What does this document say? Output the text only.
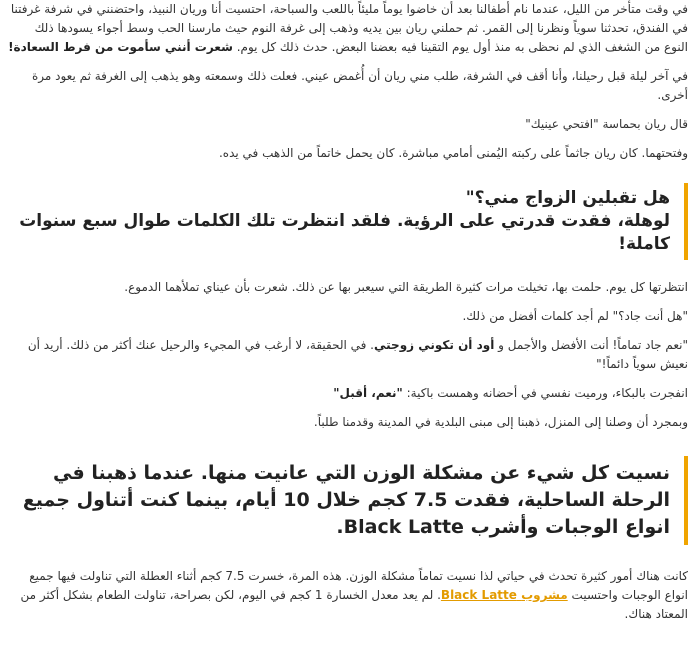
في وقت متأخر من الليل، عندما نام أطفالنا بعد أن خاضوا يوماً مليئاً باللعب والسباحة، احتسيت أنا وريان النبيذ، واحتضنني في شرفة غرفتنا في الفندق، تحدثنا سوياً ونظرنا إلى القمر. ثم حملني ريان بين يديه وذهب إلى غرفة النوم حيث مارسنا الحب وسط أجواء يسودها ذلك النوع من الشغف الذي لم نحظى به منذ أول يوم التقينا فيه بعضنا البعض. حدث ذلك كل يوم. شعرت أنني سأموت من فرط السعادة!

في آخر ليلة قبل رحيلنا، وأنا أقف في الشرفة، طلب مني ريان أن أُغمض عيني. فعلت ذلك وسمعته وهو يذهب إلى الغرفة ثم يعود مرة أخرى.

قال ريان بحماسة "افتحي عينيك"

وفتحتهما. كان ريان جاثماً على ركبته اليُمنى أمامي مباشرة. كان يحمل خاتماً من الذهب في يده.

هل تقبلين الزواج مني؟"
لوهلة، فقدت قدرتي على الرؤية. فلقد انتظرت تلك الكلمات طوال سبع سنوات كاملة!

انتظرتها كل يوم. حلمت بها، تخيلت مرات كثيرة الطريقة التي سيعبر بها عن ذلك. شعرت بأن عيناي تملأهما الدموع.

"هل أنت جاد؟" لم أجد كلمات أفضل من ذلك.

"نعم جاد تماماً! أنت الأفضل والأجمل و أود أن تكوني زوجتي. في الحقيقة، لا أرغب في المجيء والرحيل عنك أكثر من ذلك. أريد أن نعيش سوياً دائماً!"

انفجرت بالبكاء، ورميت نفسي في أحضانه وهمست باكية: "نعم، أقبل"

وبمجرد أن وصلنا إلى المنزل، ذهبنا إلى مبنى البلدية في المدينة وقدمنا طلباً.

نسيت كل شيء عن مشكلة الوزن التي عانيت منها. عندما ذهبنا في الرحلة الساحلية، فقدت 7.5 كجم خلال 10 أيام، بينما كنت أتناول جميع انواع الوجبات وأشرب Black Latte.

كانت هناك أمور كثيرة تحدث في حياتي لذا نسيت تماماً مشكلة الوزن. هذه المرة، خسرت 7.5 كجم أثناء العطلة التي تناولت فيها جميع انواع الوجبات واحتسيت مشروب Black Latte. لم يعد معدل الخسارة 1 كجم في اليوم، لكن بصراحة، تناولت الطعام بشكل أكثر من المعتاد هناك.
